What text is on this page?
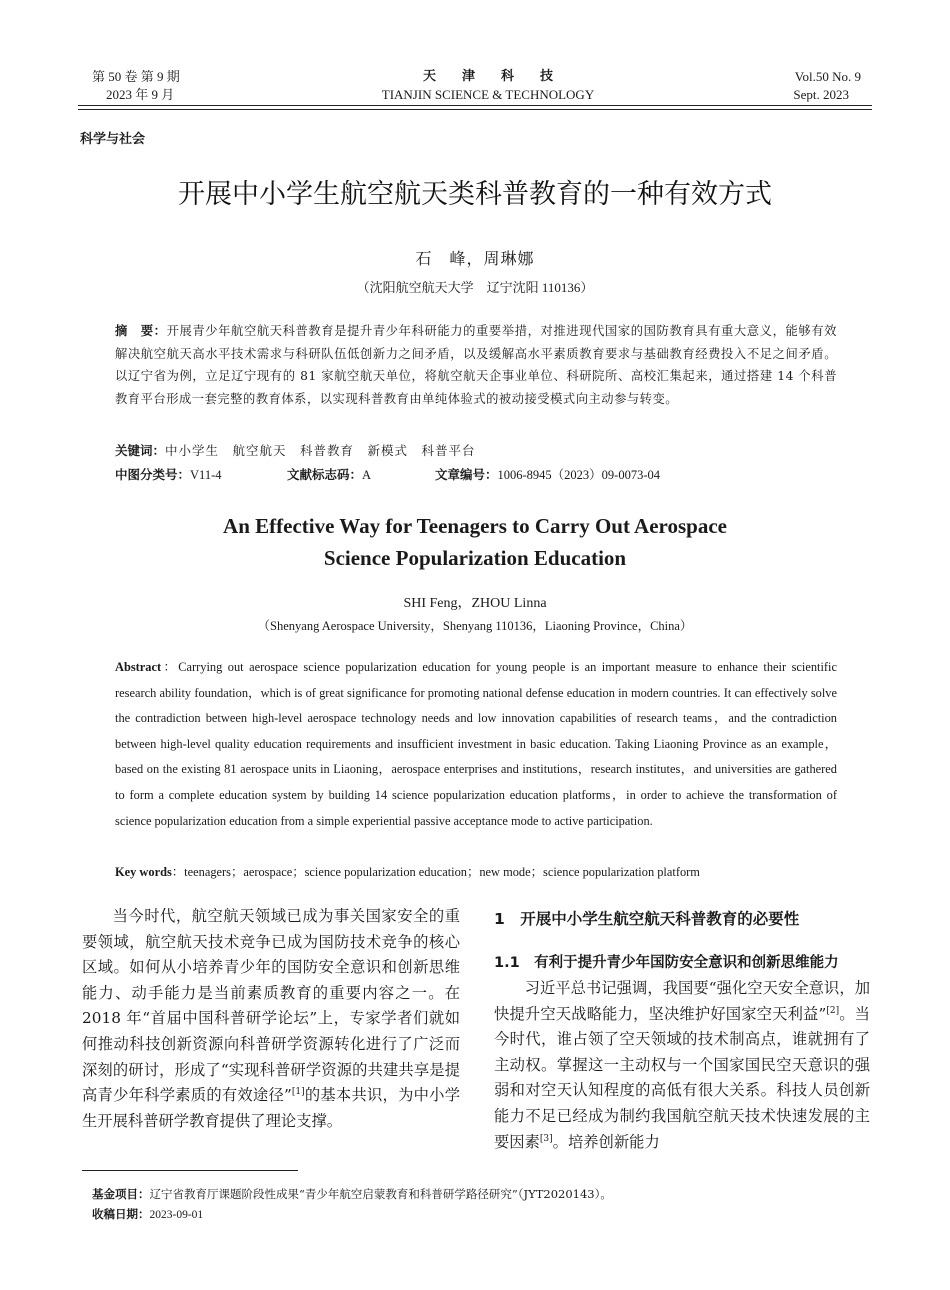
第 50 卷 第 9 期
2023 年 9 月
天　　津　　科　　技
TIANJIN SCIENCE & TECHNOLOGY
Vol.50 No. 9
Sept. 2023
科学与社会
开展中小学生航空航天类科普教育的一种有效方式
石　峰，周琳娜
（沈阳航空航天大学　辽宁沈阳 110136）
摘　要：开展青少年航空航天科普教育是提升青少年科研能力的重要举措，对推进现代国家的国防教育具有重大意义，能够有效解决航空航天高水平技术需求与科研队伍低创新力之间矛盾，以及缓解高水平素质教育要求与基础教育经费投入不足之间矛盾。以辽宁省为例，立足辽宁现有的 81 家航空航天单位，将航空航天企事业单位、科研院所、高校汇集起来，通过搭建 14 个科普教育平台形成一套完整的教育体系，以实现科普教育由单纯体验式的被动接受模式向主动参与转变。
关键词：中小学生　航空航天　科普教育　新模式　科普平台
中图分类号：V11-4	文献标志码：A	文章编号：1006-8945（2023）09-0073-04
An Effective Way for Teenagers to Carry Out Aerospace
Science Popularization Education
SHI Feng，ZHOU Linna
（Shenyang Aerospace University，Shenyang 110136，Liaoning Province，China）
Abstract：Carrying out aerospace science popularization education for young people is an important measure to enhance their scientific research ability foundation，which is of great significance for promoting national defense education in modern countries. It can effectively solve the contradiction between high-level aerospace technology needs and low innovation capabilities of research teams，and the contradiction between high-level quality education requirements and insufficient investment in basic education. Taking Liaoning Province as an example，based on the existing 81 aerospace units in Liaoning，aerospace enterprises and institutions，research institutes，and universities are gathered to form a complete education system by building 14 science popularization education platforms，in order to achieve the transformation of science popularization education from a simple experiential passive acceptance mode to active participation.
Key words：teenagers；aerospace；science popularization education；new mode；science popularization platform

当今时代，航空航天领域已成为事关国家安全的重要领域，航空航天技术竞争已成为国防技术竞争的核心区域。如何从小培养青少年的国防安全意识和创新思维能力、动手能力是当前素质教育的重要内容之一。在 2018 年“首届中国科普研学论坛”上，专家学者们就如何推动科技创新资源向科普研学资源转化进行了广泛而深刻的研讨，形成了“实现科普研学资源的共建共享是提高青少年科学素质的有效途径”[1]的基本共识，为中小学生开展科普研学教育提供了理论支撑。

1　开展中小学生航空航天科普教育的必要性
1.1　有利于提升青少年国防安全意识和创新思维能力

习近平总书记强调，我国要“强化空天安全意识，加快提升空天战略能力，坚决维护好国家空天利益”[2]。当今时代，谁占领了空天领域的技术制高点，谁就拥有了主动权。掌握这一主动权与一个国家国民空天意识的强弱和对空天认知程度的高低有很大关系。科技人员创新能力不足已经成为制约我国航空航天技术快速发展的主要因素[3]。培养创新能力

基金项目：辽宁省教育厅课题阶段性成果“青少年航空启蒙教育和科普研学路径研究”（JYT2020143）。
收稿日期：2023-09-01
